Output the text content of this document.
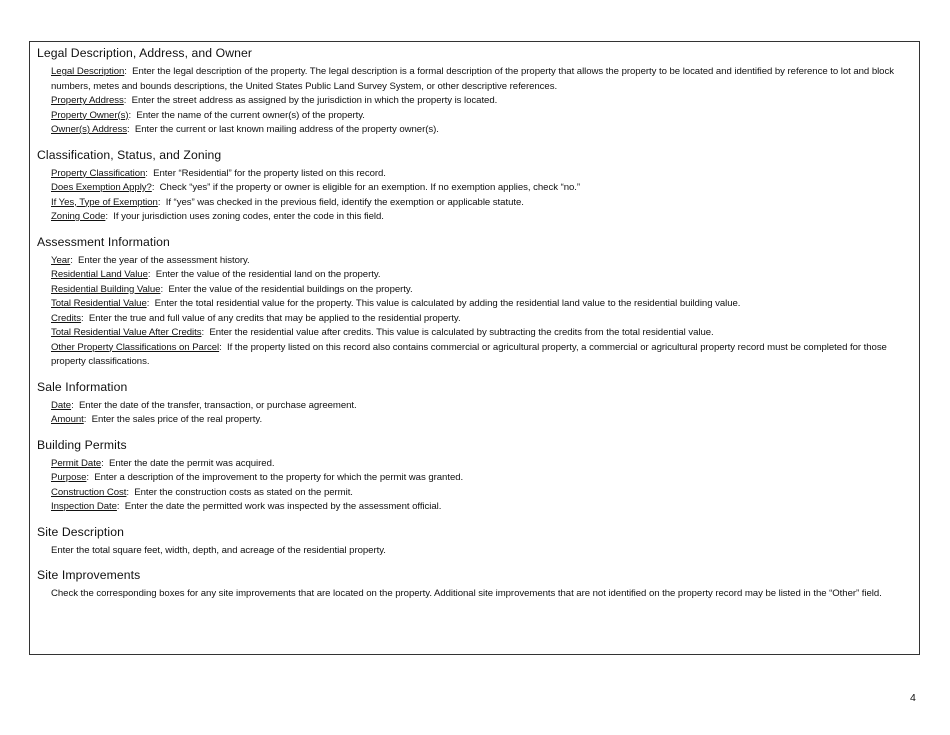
Legal Description, Address, and Owner

Legal Description:  Enter the legal description of the property. The legal description is a formal description of the property that allows the property to be located and identified by reference to lot and block numbers, metes and bounds descriptions, the United States Public Land Survey System, or other descriptive references.

Property Address:  Enter the street address as assigned by the jurisdiction in which the property is located.

Property Owner(s):  Enter the name of the current owner(s) of the property.

Owner(s) Address:  Enter the current or last known mailing address of the property owner(s).

Classification, Status, and Zoning

Property Classification:  Enter “Residential” for the property listed on this record.

Does Exemption Apply?:  Check “yes” if the property or owner is eligible for an exemption. If no exemption applies, check “no.”

If Yes, Type of Exemption:  If “yes” was checked in the previous field, identify the exemption or applicable statute.

Zoning Code:  If your jurisdiction uses zoning codes, enter the code in this field.

Assessment Information

Year:  Enter the year of the assessment history.

Residential Land Value:  Enter the value of the residential land on the property.

Residential Building Value:  Enter the value of the residential buildings on the property.

Total Residential Value:  Enter the total residential value for the property. This value is calculated by adding the residential land value to the residential building value.

Credits:  Enter the true and full value of any credits that may be applied to the residential property.

Total Residential Value After Credits:  Enter the residential value after credits. This value is calculated by subtracting the credits from the total residential value.

Other Property Classifications on Parcel:  If the property listed on this record also contains commercial or agricultural property, a commercial or agricultural property record must be completed for those property classifications.

Sale Information

Date:  Enter the date of the transfer, transaction, or purchase agreement.

Amount:  Enter the sales price of the real property.

Building Permits

Permit Date:  Enter the date the permit was acquired.

Purpose:  Enter a description of the improvement to the property for which the permit was granted.

Construction Cost:  Enter the construction costs as stated on the permit.

Inspection Date:  Enter the date the permitted work was inspected by the assessment official.

Site Description

Enter the total square feet, width, depth, and acreage of the residential property.

Site Improvements

Check the corresponding boxes for any site improvements that are located on the property. Additional site improvements that are not identified on the property record may be listed in the “Other” field.

4
